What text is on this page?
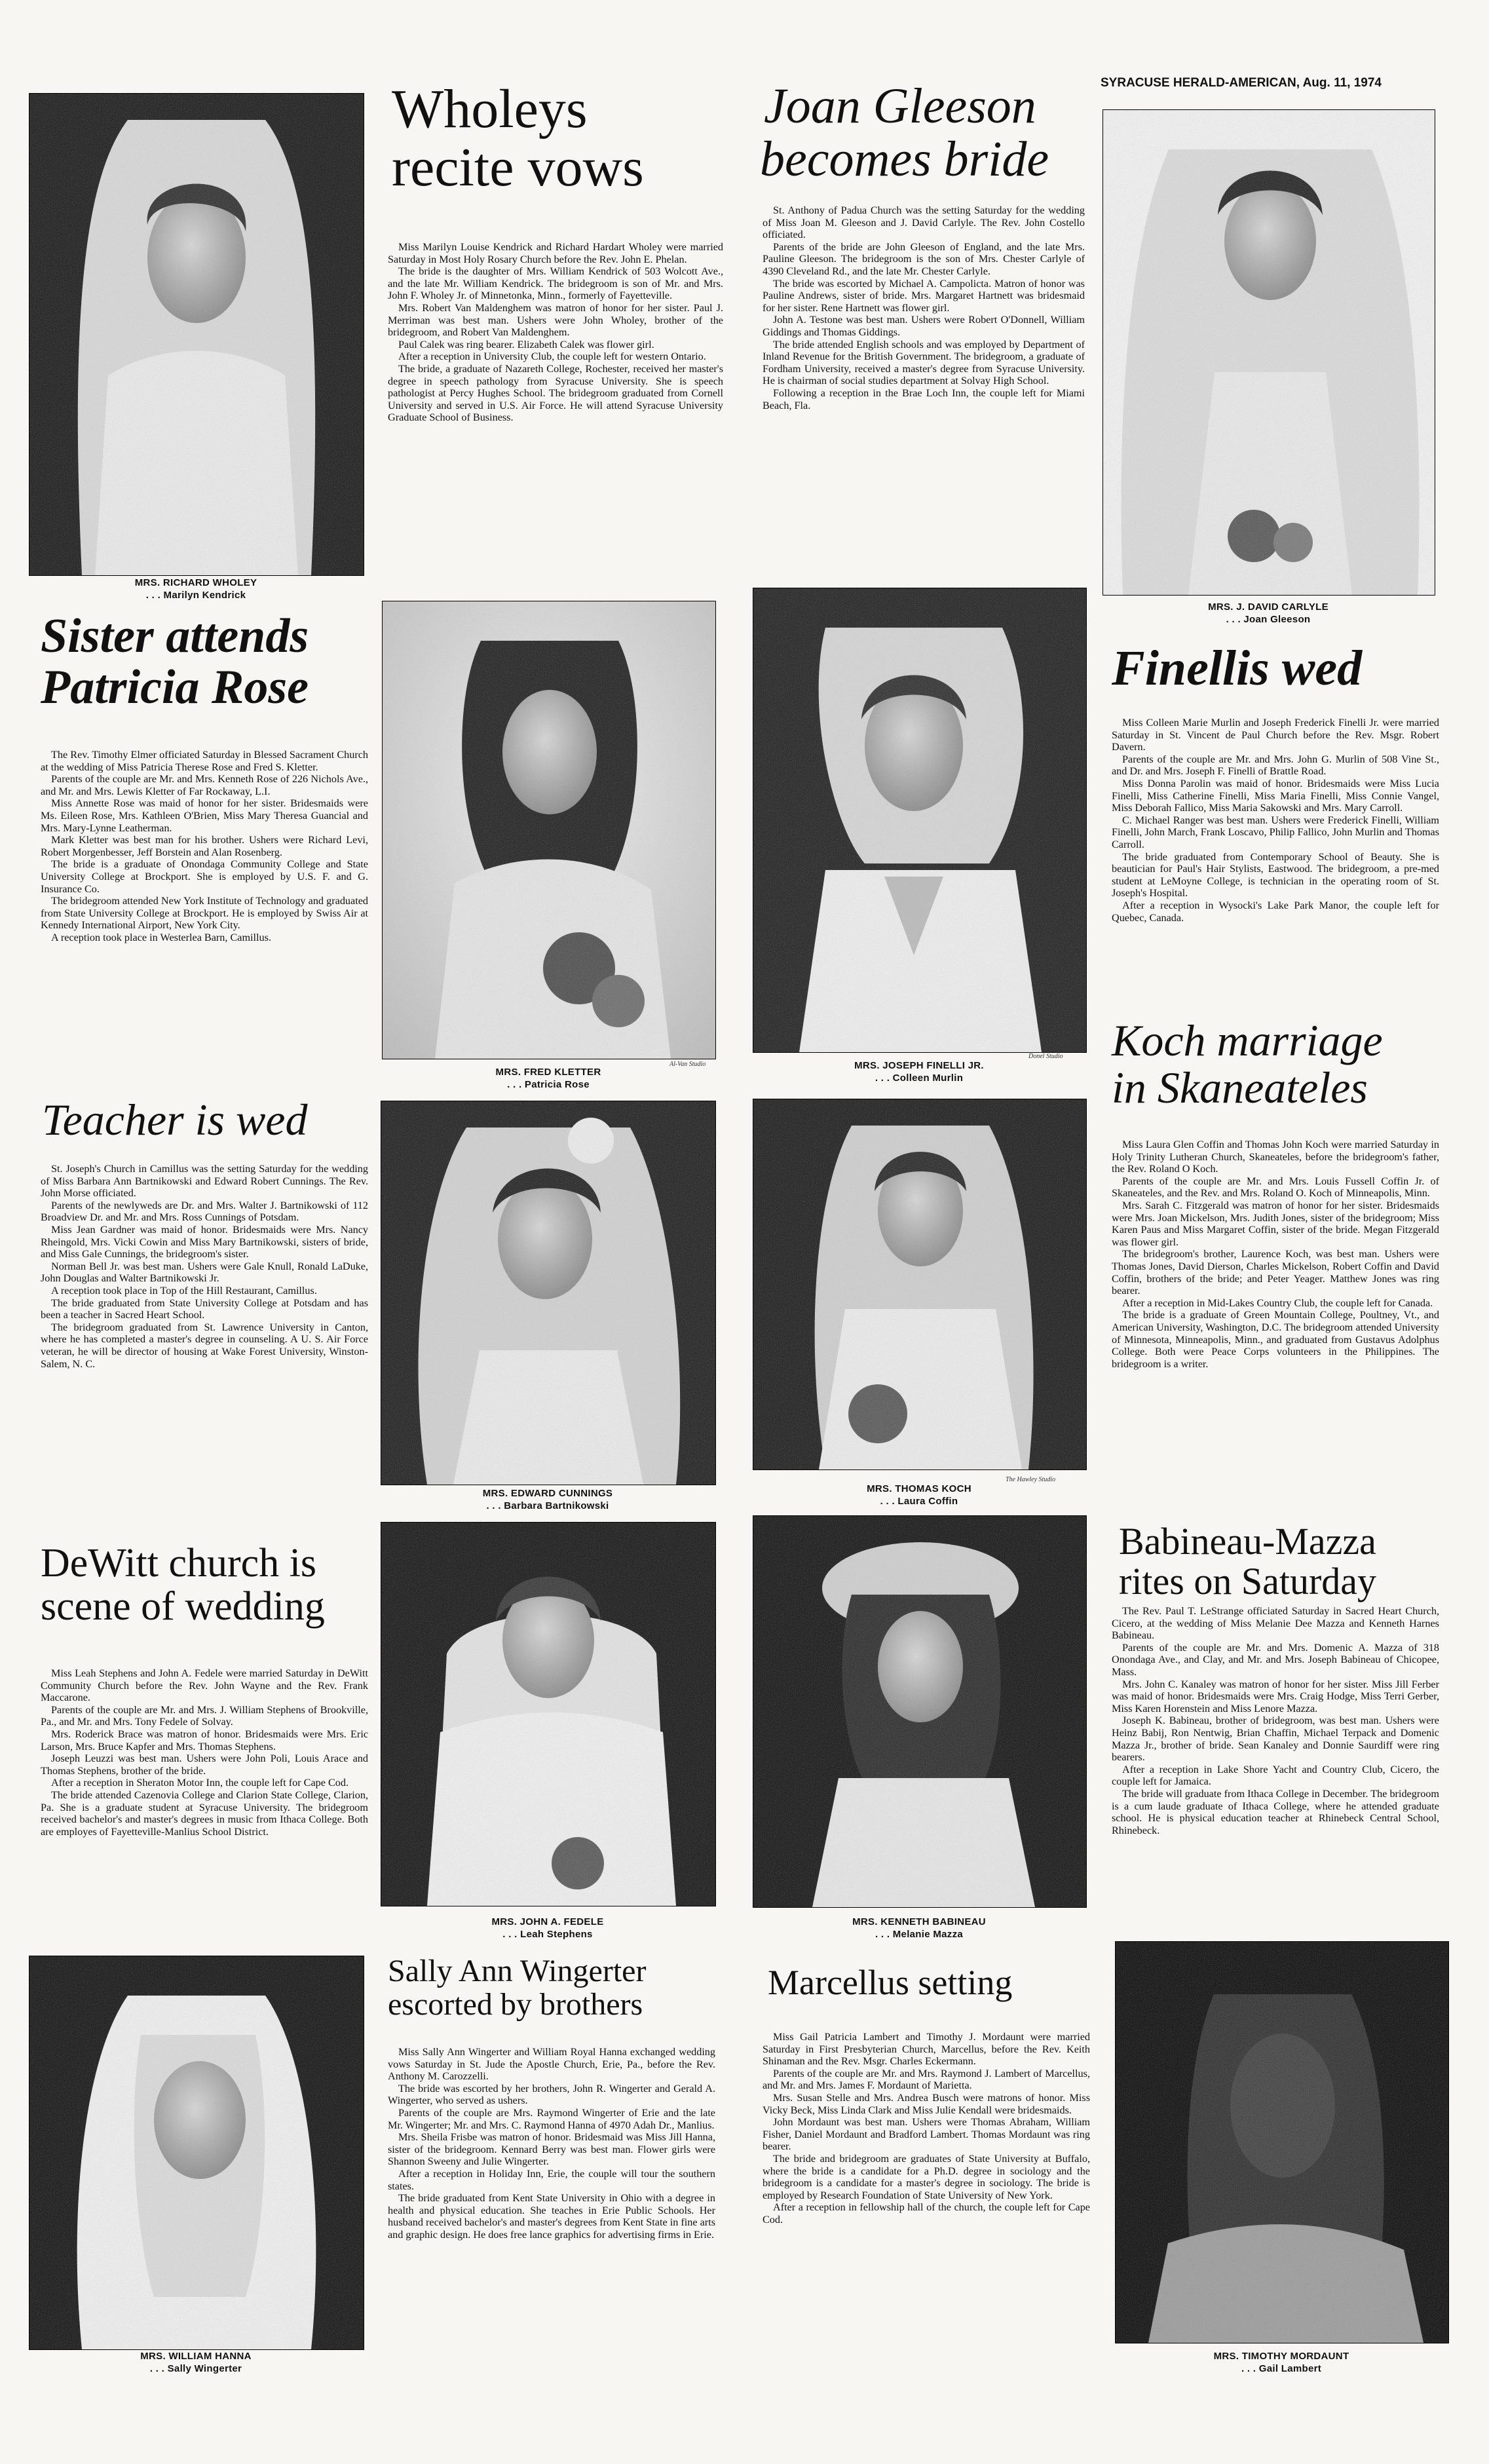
SYRACUSE HERALD-AMERICAN, Aug. 11, 1974
MRS. RICHARD WHOLEY
. . . Marilyn Kendrick
MRS. J. DAVID CARLYLE
. . . Joan Gleeson
Al-Van Studio
MRS. FRED KLETTER
. . . Patricia Rose
Donel Studio
MRS. JOSEPH FINELLI JR.
. . . Colleen Murlin
MRS. EDWARD CUNNINGS
. . . Barbara Bartnikowski
The Hawley Studio
MRS. THOMAS KOCH
. . . Laura Coffin
MRS. JOHN A. FEDELE
. . . Leah Stephens
MRS. KENNETH BABINEAU
. . . Melanie Mazza
MRS. WILLIAM HANNA
. . . Sally Wingerter
MRS. TIMOTHY MORDAUNT
. . . Gail Lambert
Wholeys
recite vows
Joan Gleeson
becomes bride
Sister attends
Patricia Rose	Finellis wed
Teacher is wed
Koch marriage
in Skaneateles
DeWitt church is
scene of wedding
Babineau-Mazza
rites on Saturday
Sally Ann Wingerter
escorted by brothers
Marcellus setting

Miss Marilyn Louise Kendrick and Richard Hardart Wholey were married Saturday in Most Holy Rosary Church before the Rev. John E. Phelan.

The bride is the daughter of Mrs. William Kendrick of 503 Wolcott Ave., and the late Mr. William Kendrick. The bridegroom is son of Mr. and Mrs. John F. Wholey Jr. of Minnetonka, Minn., formerly of Fayetteville.

Mrs. Robert Van Maldenghem was matron of honor for her sister. Paul J. Merriman was best man. Ushers were John Wholey, brother of the bridegroom, and Robert Van Maldenghem.

Paul Calek was ring bearer. Elizabeth Calek was flower girl.

After a reception in University Club, the couple left for western Ontario.

The bride, a graduate of Nazareth College, Rochester, received her master's degree in speech pathology from Syracuse University. She is speech pathologist at Percy Hughes School. The bridegroom graduated from Cornell University and served in U.S. Air Force. He will attend Syracuse University Graduate School of Business.

St. Anthony of Padua Church was the setting Saturday for the wedding of Miss Joan M. Gleeson and J. David Carlyle. The Rev. John Costello officiated.

Parents of the bride are John Gleeson of England, and the late Mrs. Pauline Gleeson. The bridegroom is the son of Mrs. Chester Carlyle of 4390 Cleveland Rd., and the late Mr. Chester Carlyle.

The bride was escorted by Michael A. Campolicta. Matron of honor was Pauline Andrews, sister of bride. Mrs. Margaret Hartnett was bridesmaid for her sister. Rene Hartnett was flower girl.

John A. Testone was best man. Ushers were Robert O'Donnell, William Giddings and Thomas Giddings.

The bride attended English schools and was employed by Department of Inland Revenue for the British Government. The bridegroom, a graduate of Fordham University, received a master's degree from Syracuse University. He is chairman of social studies department at Solvay High School.

Following a reception in the Brae Loch Inn, the couple left for Miami Beach, Fla.

The Rev. Timothy Elmer officiated Saturday in Blessed Sacrament Church at the wedding of Miss Patricia Therese Rose and Fred S. Kletter.

Parents of the couple are Mr. and Mrs. Kenneth Rose of 226 Nichols Ave., and Mr. and Mrs. Lewis Kletter of Far Rockaway, L.I.

Miss Annette Rose was maid of honor for her sister. Bridesmaids were Ms. Eileen Rose, Mrs. Kathleen O'Brien, Miss Mary Theresa Guancial and Mrs. Mary-Lynne Leatherman.

Mark Kletter was best man for his brother. Ushers were Richard Levi, Robert Morgenbesser, Jeff Borstein and Alan Rosenberg.

The bride is a graduate of Onondaga Community College and State University College at Brockport. She is employed by U.S. F. and G. Insurance Co.

The bridegroom attended New York Institute of Technology and graduated from State University College at Brockport. He is employed by Swiss Air at Kennedy International Airport, New York City.

A reception took place in Westerlea Barn, Camillus.

Miss Colleen Marie Murlin and Joseph Frederick Finelli Jr. were married Saturday in St. Vincent de Paul Church before the Rev. Msgr. Robert Davern.

Parents of the couple are Mr. and Mrs. John G. Murlin of 508 Vine St., and Dr. and Mrs. Joseph F. Finelli of Brattle Road.

Miss Donna Parolin was maid of honor. Bridesmaids were Miss Lucia Finelli, Miss Catherine Finelli, Miss Maria Finelli, Miss Connie Vangel, Miss Deborah Fallico, Miss Maria Sakowski and Mrs. Mary Carroll.

C. Michael Ranger was best man. Ushers were Frederick Finelli, William Finelli, John March, Frank Loscavo, Philip Fallico, John Murlin and Thomas Carroll.

The bride graduated from Contemporary School of Beauty. She is beautician for Paul's Hair Stylists, Eastwood. The bridegroom, a pre-med student at LeMoyne College, is technician in the operating room of St. Joseph's Hospital.

After a reception in Wysocki's Lake Park Manor, the couple left for Quebec, Canada.

St. Joseph's Church in Camillus was the setting Saturday for the wedding of Miss Barbara Ann Bartnikowski and Edward Robert Cunnings. The Rev. John Morse officiated.

Parents of the newlyweds are Dr. and Mrs. Walter J. Bartnikowski of 112 Broadview Dr. and Mr. and Mrs. Ross Cunnings of Potsdam.

Miss Jean Gardner was maid of honor. Bridesmaids were Mrs. Nancy Rheingold, Mrs. Vicki Cowin and Miss Mary Bartnikowski, sisters of bride, and Miss Gale Cunnings, the bridegroom's sister.

Norman Bell Jr. was best man. Ushers were Gale Knull, Ronald LaDuke, John Douglas and Walter Bartnikowski Jr.

A reception took place in Top of the Hill Restaurant, Camillus.

The bride graduated from State University College at Potsdam and has been a teacher in Sacred Heart School.

The bridegroom graduated from St. Lawrence University in Canton, where he has completed a master's degree in counseling. A U. S. Air Force veteran, he will be director of housing at Wake Forest University, Winston-Salem, N. C.

Miss Laura Glen Coffin and Thomas John Koch were married Saturday in Holy Trinity Lutheran Church, Skaneateles, before the bridegroom's father, the Rev. Roland O Koch.

Parents of the couple are Mr. and Mrs. Louis Fussell Coffin Jr. of Skaneateles, and the Rev. and Mrs. Roland O. Koch of Minneapolis, Minn.

Mrs. Sarah C. Fitzgerald was matron of honor for her sister. Bridesmaids were Mrs. Joan Mickelson, Mrs. Judith Jones, sister of the bridegroom; Miss Karen Paus and Miss Margaret Coffin, sister of the bride. Megan Fitzgerald was flower girl.

The bridegroom's brother, Laurence Koch, was best man. Ushers were Thomas Jones, David Dierson, Charles Mickelson, Robert Coffin and David Coffin, brothers of the bride; and Peter Yeager. Matthew Jones was ring bearer.

After a reception in Mid-Lakes Country Club, the couple left for Canada.

The bride is a graduate of Green Mountain College, Poultney, Vt., and American University, Washington, D.C. The bridegroom attended University of Minnesota, Minneapolis, Minn., and graduated from Gustavus Adolphus College. Both were Peace Corps volunteers in the Philippines. The bridegroom is a writer.

Miss Leah Stephens and John A. Fedele were married Saturday in DeWitt Community Church before the Rev. John Wayne and the Rev. Frank Maccarone.

Parents of the couple are Mr. and Mrs. J. William Stephens of Brookville, Pa., and Mr. and Mrs. Tony Fedele of Solvay.

Mrs. Roderick Brace was matron of honor. Bridesmaids were Mrs. Eric Larson, Mrs. Bruce Kapfer and Mrs. Thomas Stephens.

Joseph Leuzzi was best man. Ushers were John Poli, Louis Arace and Thomas Stephens, brother of the bride.

After a reception in Sheraton Motor Inn, the couple left for Cape Cod.

The bride attended Cazenovia College and Clarion State College, Clarion, Pa. She is a graduate student at Syracuse University. The bridegroom received bachelor's and master's degrees in music from Ithaca College. Both are employes of Fayetteville-Manlius School District.

The Rev. Paul T. LeStrange officiated Saturday in Sacred Heart Church, Cicero, at the wedding of Miss Melanie Dee Mazza and Kenneth Harnes Babineau.

Parents of the couple are Mr. and Mrs. Domenic A. Mazza of 318 Onondaga Ave., and Clay, and Mr. and Mrs. Joseph Babineau of Chicopee, Mass.

Mrs. John C. Kanaley was matron of honor for her sister. Miss Jill Ferber was maid of honor. Bridesmaids were Mrs. Craig Hodge, Miss Terri Gerber, Miss Karen Horenstein and Miss Lenore Mazza.

Joseph K. Babineau, brother of bridegroom, was best man. Ushers were Heinz Babij, Ron Nentwig, Brian Chaffin, Michael Terpack and Domenic Mazza Jr., brother of bride. Sean Kanaley and Donnie Saurdiff were ring bearers.

After a reception in Lake Shore Yacht and Country Club, Cicero, the couple left for Jamaica.

The bride will graduate from Ithaca College in December. The bridegroom is a cum laude graduate of Ithaca College, where he attended graduate school. He is physical education teacher at Rhinebeck Central School, Rhinebeck.

Miss Sally Ann Wingerter and William Royal Hanna exchanged wedding vows Saturday in St. Jude the Apostle Church, Erie, Pa., before the Rev. Anthony M. Carozzelli.

The bride was escorted by her brothers, John R. Wingerter and Gerald A. Wingerter, who served as ushers.

Parents of the couple are Mrs. Raymond Wingerter of Erie and the late Mr. Wingerter; Mr. and Mrs. C. Raymond Hanna of 4970 Adah Dr., Manlius.

Mrs. Sheila Frisbe was matron of honor. Bridesmaid was Miss Jill Hanna, sister of the bridegroom. Kennard Berry was best man. Flower girls were Shannon Sweeny and Julie Wingerter.

After a reception in Holiday Inn, Erie, the couple will tour the southern states.

The bride graduated from Kent State University in Ohio with a degree in health and physical education. She teaches in Erie Public Schools. Her husband received bachelor's and master's degrees from Kent State in fine arts and graphic design. He does free lance graphics for advertising firms in Erie.

Miss Gail Patricia Lambert and Timothy J. Mordaunt were married Saturday in First Presbyterian Church, Marcellus, before the Rev. Keith Shinaman and the Rev. Msgr. Charles Eckermann.

Parents of the couple are Mr. and Mrs. Raymond J. Lambert of Marcellus, and Mr. and Mrs. James F. Mordaunt of Marietta.

Mrs. Susan Stelle and Mrs. Andrea Busch were matrons of honor. Miss Vicky Beck, Miss Linda Clark and Miss Julie Kendall were bridesmaids.

John Mordaunt was best man. Ushers were Thomas Abraham, William Fisher, Daniel Mordaunt and Bradford Lambert. Thomas Mordaunt was ring bearer.

The bride and bridegroom are graduates of State University at Buffalo, where the bride is a candidate for a Ph.D. degree in sociology and the bridegroom is a candidate for a master's degree in sociology. The bride is employed by Research Foundation of State University of New York.

After a reception in fellowship hall of the church, the couple left for Cape Cod.
